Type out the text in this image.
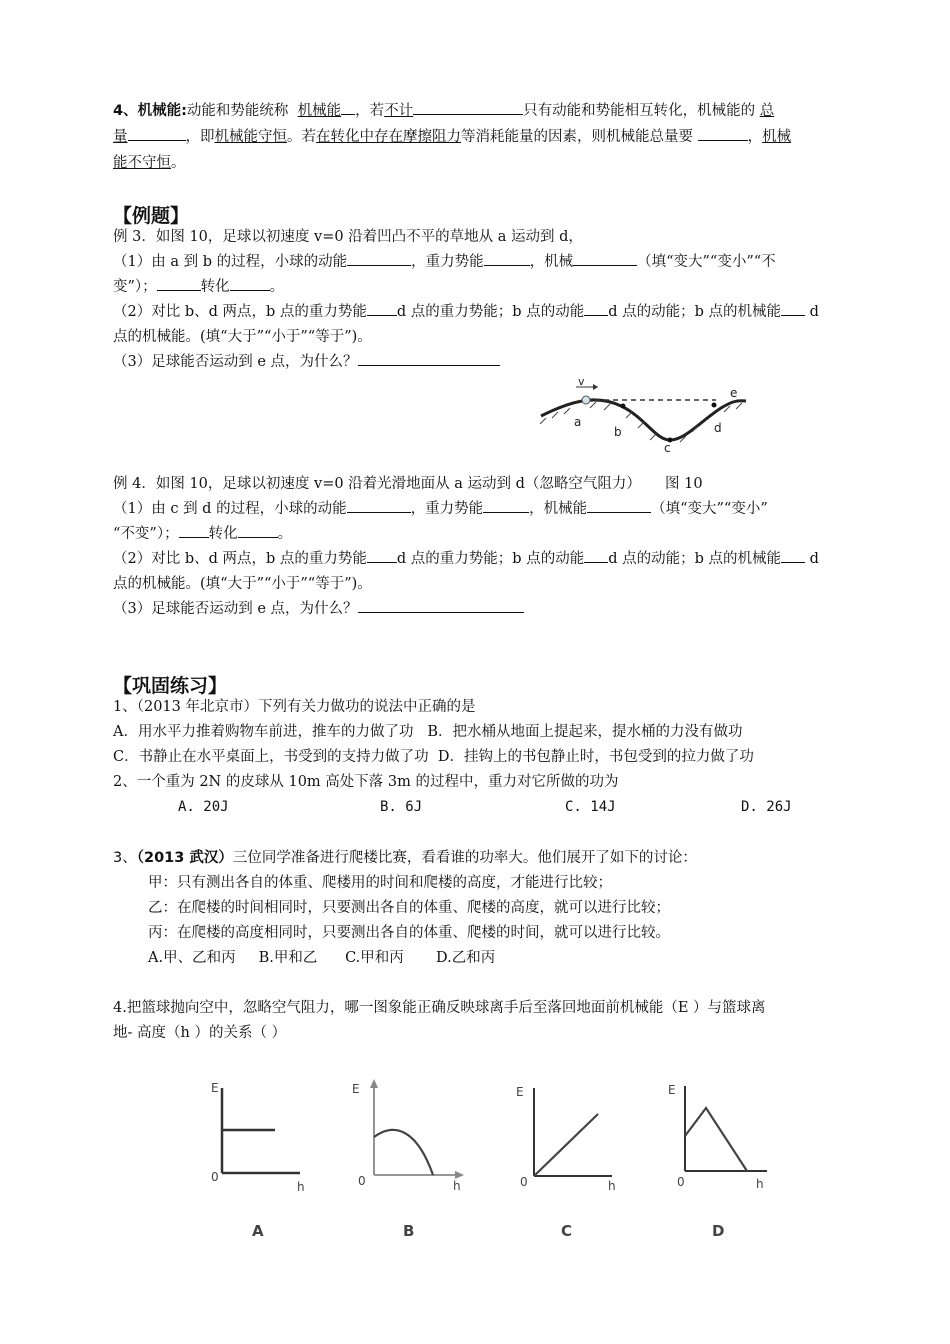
4、机械能:动能和势能统称 机械能 ，若不计	只有动能和势能相互转化，机械能的 总
量	，即机械能守恒。若在转化中存在摩擦阻力等消耗能量的因素，则机械能总量要	，机械
能不守恒。
【例题】
例 3．如图 10，足球以初速度 v=0 沿着凹凸不平的草地从 a 运动到 d，
（1）由 a 到 b 的过程，小球的动能	，重力势能	，机械	（填“变大”“变小”“不
变”）；	转化	。
（2）对比 b、d 两点，b 点的重力势能 d 点的重力势能；b 点的动能 d 点的动能；b 点的机械能 d
点的机械能。(填“大于”“小于”“等于”)。
（3）足球能否运动到 e 点，为什么？
v
a
b
c
d
e
例 4．如图 10，足球以初速度 v=0 沿着光滑地面从 a 运动到 d（忽略空气阻力） 图 10
（1）由 c 到 d 的过程，小球的动能	，重力势能	，机械能	（填“变大”“变小”
“不变”）； 转化	。
（2）对比 b、d 两点，b 点的重力势能 d 点的重力势能；b 点的动能 d 点的动能；b 点的机械能 d
点的机械能。(填“大于”“小于”“等于”)。
（3）足球能否运动到 e 点，为什么？
【巩固练习】
1、（2013 年北京市）下列有关力做功的说法中正确的是
A．用水平力推着购物车前进，推车的力做了功 B．把水桶从地面上提起来，提水桶的力没有做功
C．书静止在水平桌面上，书受到的支持力做了功 D．挂钩上的书包静止时，书包受到的拉力做了功
2、一个重为 2N 的皮球从 10m 高处下落 3m 的过程中，重力对它所做的功为
A. 20J	B. 6J	C. 14J	D. 26J
3、（2013 武汉）三位同学准备进行爬楼比赛，看看谁的功率大。他们展开了如下的讨论：
甲：只有测出各自的体重、爬楼用的时间和爬楼的高度，才能进行比较；
乙：在爬楼的时间相同时，只要测出各自的体重、爬楼的高度，就可以进行比较；
丙：在爬楼的高度相同时，只要测出各自的体重、爬楼的时间，就可以进行比较。
A.甲、乙和丙 B.甲和乙 C.甲和丙 D.乙和丙
4.把篮球抛向空中，忽略空气阻力，哪一图象能正确反映球离手后至落回地面前机械能（E ）与篮球离
地- 高度（h ）的关系（ ）
E
0
h
A
E
0	h
B
E
0	h
C
E
0	h
D
